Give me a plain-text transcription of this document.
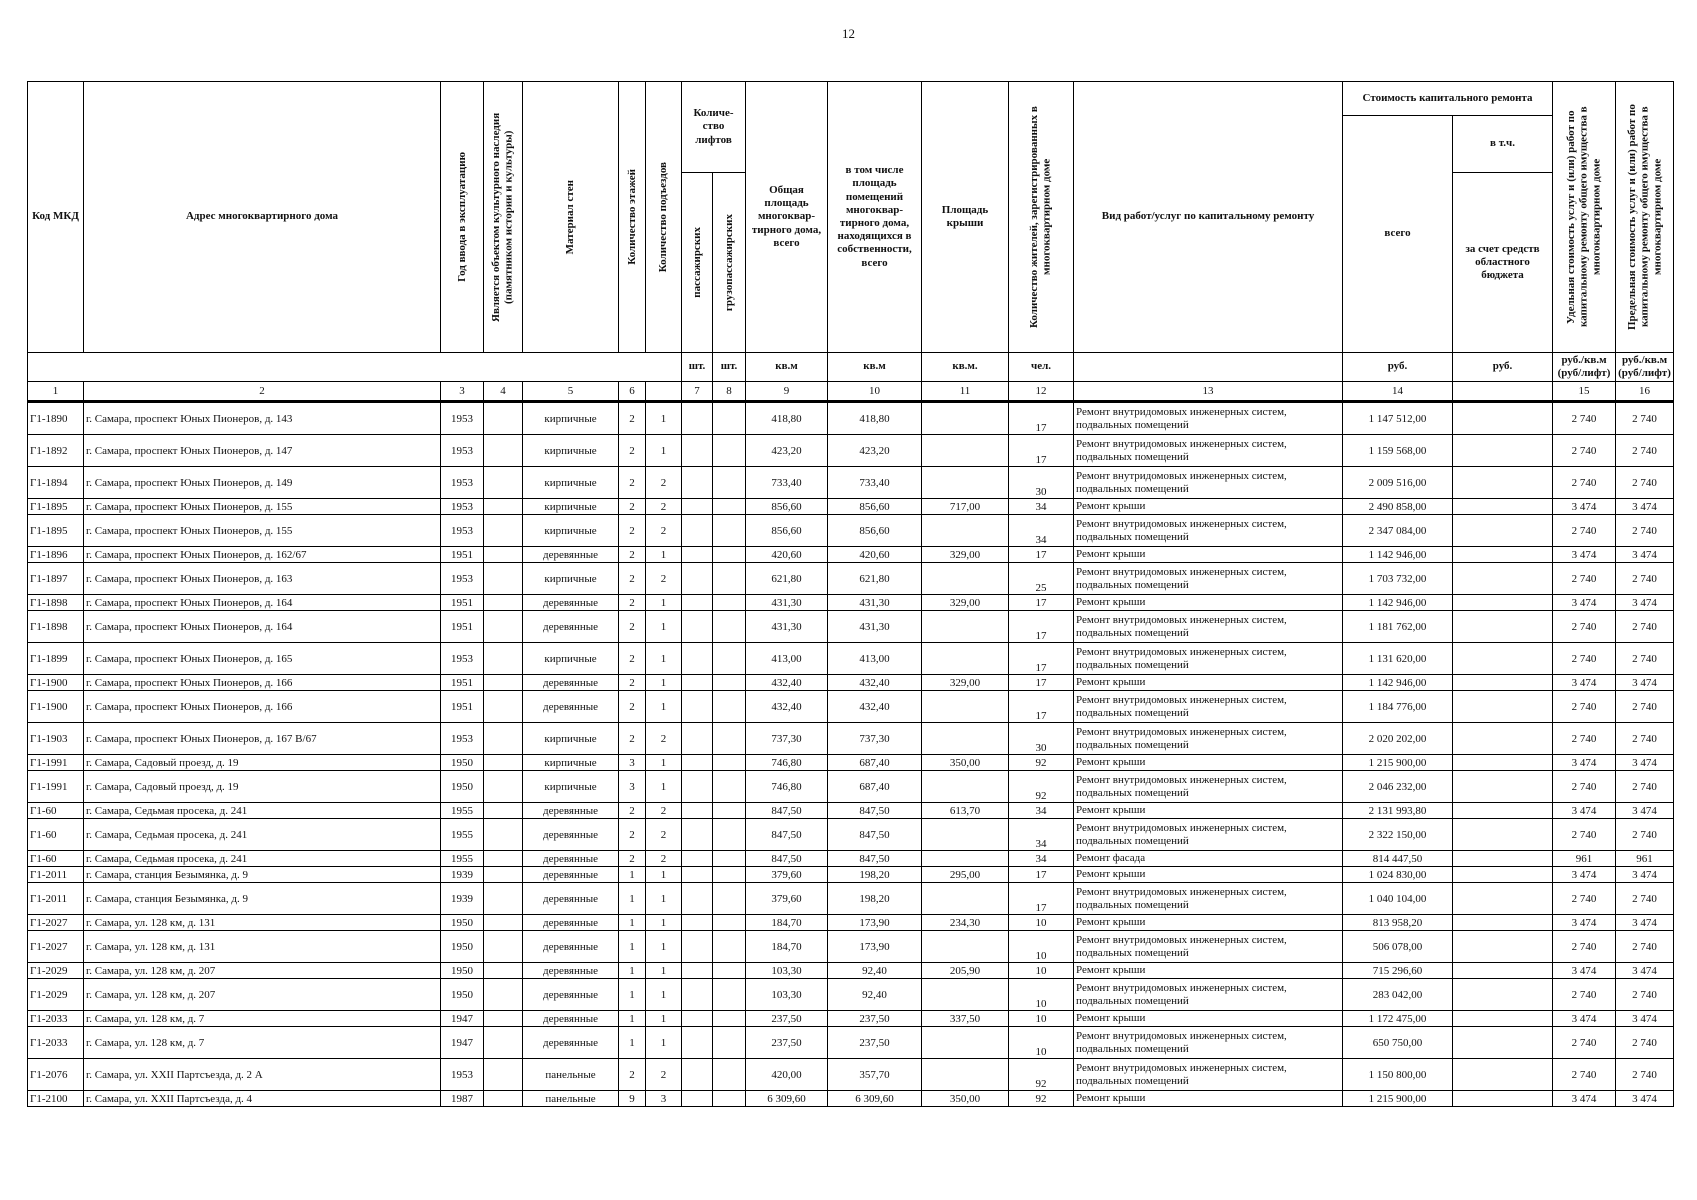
12
Код МКД	Адрес многоквартирного дома	Год ввода в эксплуатацию	Является объектом культурного наследия (памятником истории и культуры)	Материал стен	Количество этажей	Количество подъездов	Количе-ство лифтов		Общая площадь многоквар-тирного дома, всего	в том числе площадь помещений многоквар-тирного дома, находящихся в собственности, всего	Площадь крыши	Количество жителей, зарегистрированных в многоквартирном доме	Вид работ/услуг по капитальному ремонту	Стоимость капитального ремонта		Удельная стоимость услуг и (или) работ по капитальному ремонту общего имущества в многоквартирном доме	Предельная стоимость услуг и (или) работ по капитальному ремонту общего имущества в многоквартирном доме

														всего	в т.ч.		

							пассажирских	грузопассажирских							за счет средств областного бюджета		
							шт.	шт.	кв.м	кв.м	кв.м.	чел.		руб.	руб.	руб./кв.м (руб/лифт)	руб./кв.м (руб/лифт)
1	2	3	4	5	6		7	8	9	10	11	12	13	14		15	16
Г1-1890	г. Самара, проспект Юных Пионеров, д. 143	1953		кирпичные	2	1			418,80	418,80		17	Ремонт внутридомовых инженерных систем, подвальных помещений	1 147 512,00		2 740	2 740
Г1-1892	г. Самара, проспект Юных Пионеров, д. 147	1953		кирпичные	2	1			423,20	423,20		17	Ремонт внутридомовых инженерных систем, подвальных помещений	1 159 568,00		2 740	2 740
Г1-1894	г. Самара, проспект Юных Пионеров, д. 149	1953		кирпичные	2	2			733,40	733,40		30	Ремонт внутридомовых инженерных систем, подвальных помещений	2 009 516,00		2 740	2 740
Г1-1895	г. Самара, проспект Юных Пионеров, д. 155	1953		кирпичные	2	2			856,60	856,60	717,00	34	Ремонт крыши	2 490 858,00		3 474	3 474
Г1-1895	г. Самара, проспект Юных Пионеров, д. 155	1953		кирпичные	2	2			856,60	856,60		34	Ремонт внутридомовых инженерных систем, подвальных помещений	2 347 084,00		2 740	2 740
Г1-1896	г. Самара, проспект Юных Пионеров, д. 162/67	1951		деревянные	2	1			420,60	420,60	329,00	17	Ремонт крыши	1 142 946,00		3 474	3 474
Г1-1897	г. Самара, проспект Юных Пионеров, д. 163	1953		кирпичные	2	2			621,80	621,80		25	Ремонт внутридомовых инженерных систем, подвальных помещений	1 703 732,00		2 740	2 740
Г1-1898	г. Самара, проспект Юных Пионеров, д. 164	1951		деревянные	2	1			431,30	431,30	329,00	17	Ремонт крыши	1 142 946,00		3 474	3 474
Г1-1898	г. Самара, проспект Юных Пионеров, д. 164	1951		деревянные	2	1			431,30	431,30		17	Ремонт внутридомовых инженерных систем, подвальных помещений	1 181 762,00		2 740	2 740
Г1-1899	г. Самара, проспект Юных Пионеров, д. 165	1953		кирпичные	2	1			413,00	413,00		17	Ремонт внутридомовых инженерных систем, подвальных помещений	1 131 620,00		2 740	2 740
Г1-1900	г. Самара, проспект Юных Пионеров, д. 166	1951		деревянные	2	1			432,40	432,40	329,00	17	Ремонт крыши	1 142 946,00		3 474	3 474
Г1-1900	г. Самара, проспект Юных Пионеров, д. 166	1951		деревянные	2	1			432,40	432,40		17	Ремонт внутридомовых инженерных систем, подвальных помещений	1 184 776,00		2 740	2 740
Г1-1903	г. Самара, проспект Юных Пионеров, д. 167 В/67	1953		кирпичные	2	2			737,30	737,30		30	Ремонт внутридомовых инженерных систем, подвальных помещений	2 020 202,00		2 740	2 740
Г1-1991	г. Самара, Садовый проезд, д. 19	1950		кирпичные	3	1			746,80	687,40	350,00	92	Ремонт крыши	1 215 900,00		3 474	3 474
Г1-1991	г. Самара, Садовый проезд, д. 19	1950		кирпичные	3	1			746,80	687,40		92	Ремонт внутридомовых инженерных систем, подвальных помещений	2 046 232,00		2 740	2 740
Г1-60	г. Самара, Седьмая просека, д. 241	1955		деревянные	2	2			847,50	847,50	613,70	34	Ремонт крыши	2 131 993,80		3 474	3 474
Г1-60	г. Самара, Седьмая просека, д. 241	1955		деревянные	2	2			847,50	847,50		34	Ремонт внутридомовых инженерных систем, подвальных помещений	2 322 150,00		2 740	2 740
Г1-60	г. Самара, Седьмая просека, д. 241	1955		деревянные	2	2			847,50	847,50		34	Ремонт фасада	814 447,50		961	961
Г1-2011	г. Самара, станция Безымянка, д. 9	1939		деревянные	1	1			379,60	198,20	295,00	17	Ремонт крыши	1 024 830,00		3 474	3 474
Г1-2011	г. Самара, станция Безымянка, д. 9	1939		деревянные	1	1			379,60	198,20		17	Ремонт внутридомовых инженерных систем, подвальных помещений	1 040 104,00		2 740	2 740
Г1-2027	г. Самара, ул. 128 км, д. 131	1950		деревянные	1	1			184,70	173,90	234,30	10	Ремонт крыши	813 958,20		3 474	3 474
Г1-2027	г. Самара, ул. 128 км, д. 131	1950		деревянные	1	1			184,70	173,90		10	Ремонт внутридомовых инженерных систем, подвальных помещений	506 078,00		2 740	2 740
Г1-2029	г. Самара, ул. 128 км, д. 207	1950		деревянные	1	1			103,30	92,40	205,90	10	Ремонт крыши	715 296,60		3 474	3 474
Г1-2029	г. Самара, ул. 128 км, д. 207	1950		деревянные	1	1			103,30	92,40		10	Ремонт внутридомовых инженерных систем, подвальных помещений	283 042,00		2 740	2 740
Г1-2033	г. Самара, ул. 128 км, д. 7	1947		деревянные	1	1			237,50	237,50	337,50	10	Ремонт крыши	1 172 475,00		3 474	3 474
Г1-2033	г. Самара, ул. 128 км, д. 7	1947		деревянные	1	1			237,50	237,50		10	Ремонт внутридомовых инженерных систем, подвальных помещений	650 750,00		2 740	2 740
Г1-2076	г. Самара, ул. XXII Партсъезда, д. 2 А	1953		панельные	2	2			420,00	357,70		92	Ремонт внутридомовых инженерных систем, подвальных помещений	1 150 800,00		2 740	2 740
Г1-2100	г. Самара, ул. XXII Партсъезда, д. 4	1987		панельные	9	3			6 309,60	6 309,60	350,00	92	Ремонт крыши	1 215 900,00		3 474	3 474
